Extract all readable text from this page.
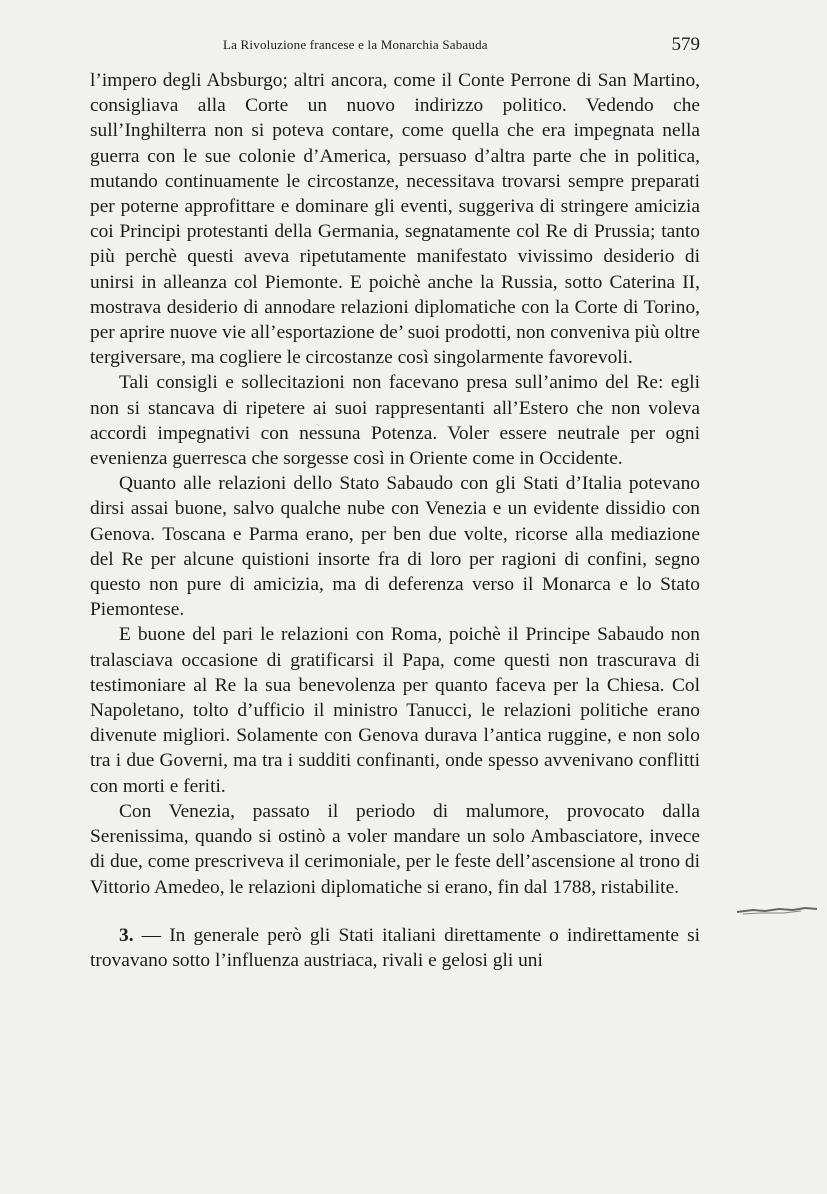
La Rivoluzione francese e la Monarchia Sabauda	579

l’impero degli Absburgo; altri ancora, come il Conte Perrone di San Martino, consigliava alla Corte un nuovo indirizzo politico. Vedendo che sull’Inghilterra non si poteva contare, come quella che era impegnata nella guerra con le sue colonie d’America, persuaso d’altra parte che in politica, mutando continuamente le circostanze, necessitava trovarsi sempre preparati per poterne approfittare e dominare gli eventi, suggeriva di stringere amicizia coi Principi protestanti della Germania, segnatamente col Re di Prussia; tanto più perchè questi aveva ripetutamente manifestato vivissimo desiderio di unirsi in alleanza col Piemonte. E poichè anche la Russia, sotto Caterina II, mostrava desiderio di annodare relazioni diplomatiche con la Corte di Torino, per aprire nuove vie all’esportazione de’ suoi prodotti, non conveniva più oltre tergiversare, ma cogliere le circostanze così singolarmente favorevoli.

Tali consigli e sollecitazioni non facevano presa sull’animo del Re: egli non si stancava di ripetere ai suoi rappresentanti all’Estero che non voleva accordi impegnativi con nessuna Potenza. Voler essere neutrale per ogni evenienza guerresca che sorgesse così in Oriente come in Occidente.

Quanto alle relazioni dello Stato Sabaudo con gli Stati d’Italia potevano dirsi assai buone, salvo qualche nube con Venezia e un evidente dissidio con Genova. Toscana e Parma erano, per ben due volte, ricorse alla mediazione del Re per alcune quistioni insorte fra di loro per ragioni di confini, segno questo non pure di amicizia, ma di deferenza verso il Monarca e lo Stato Piemontese.

E buone del pari le relazioni con Roma, poichè il Principe Sabaudo non tralasciava occasione di gratificarsi il Papa, come questi non trascurava di testimoniare al Re la sua benevolenza per quanto faceva per la Chiesa. Col Napoletano, tolto d’ufficio il ministro Tanucci, le relazioni politiche erano divenute migliori. Solamente con Genova durava l’antica ruggine, e non solo tra i due Governi, ma tra i sudditi confinanti, onde spesso avvenivano conflitti con morti e feriti.

Con Venezia, passato il periodo di malumore, provocato dalla Serenissima, quando si ostinò a voler mandare un solo Ambasciatore, invece di due, come prescriveva il cerimoniale, per le feste dell’ascensione al trono di Vittorio Amedeo, le relazioni diplomatiche si erano, fin dal 1788, ristabilite.

3. — In generale però gli Stati italiani direttamente o indirettamente si trovavano sotto l’influenza austriaca, rivali e gelosi gli uni
